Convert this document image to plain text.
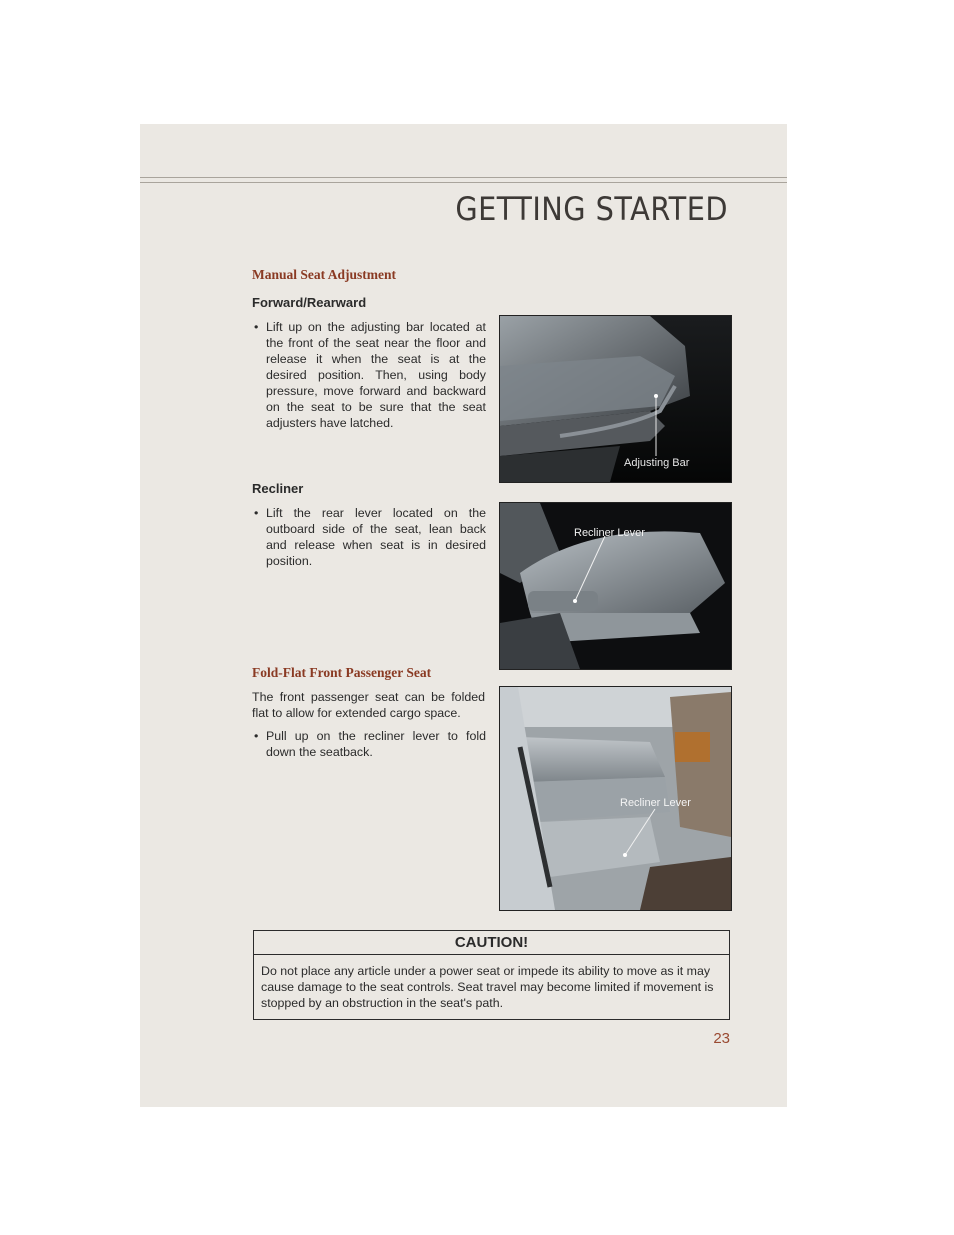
GETTING STARTED
Manual Seat Adjustment
Forward/Rearward
• Lift up on the adjusting bar located at the front of the seat near the floor and release it when the seat is at the desired position. Then, using body pressure, move forward and backward on the seat to be sure that the seat adjusters have latched.
Adjusting Bar
Recliner
• Lift the rear lever located on the outboard side of the seat, lean back and release when seat is in desired position.
Recliner Lever
Fold-Flat Front Passenger Seat
The front passenger seat can be folded flat to allow for extended cargo space.
• Pull up on the recliner lever to fold down the seatback.
Recliner Lever
CAUTION!
Do not place any article under a power seat or impede its ability to move as it may cause damage to the seat controls. Seat travel may become limited if movement is stopped by an obstruction in the seat's path.
23
